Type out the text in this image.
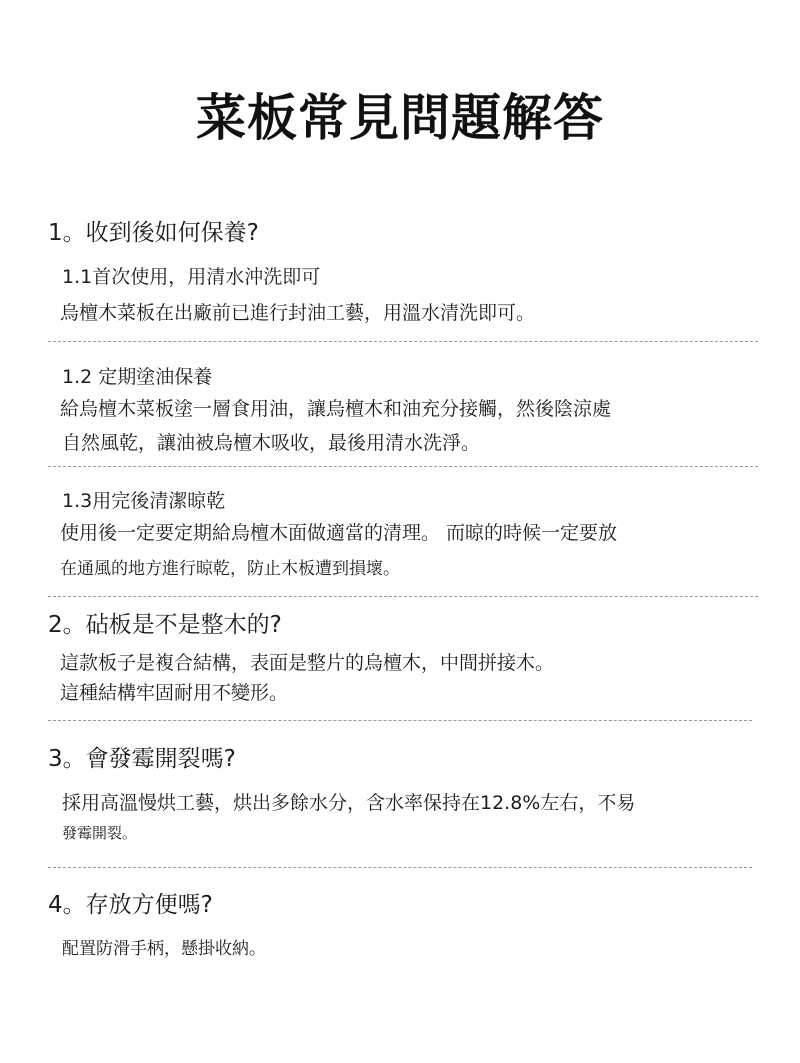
菜板常見問題解答
1。收到後如何保養?
1.1首次使用，用清水沖洗即可
烏檀木菜板在出廠前已進行封油工藝，用溫水清洗即可。
1.2 定期塗油保養
給烏檀木菜板塗一層食用油，讓烏檀木和油充分接觸，然後陰涼處
自然風乾，讓油被烏檀木吸收，最後用清水洗淨。
1.3用完後清潔晾乾
使用後一定要定期給烏檀木面做適當的清理。 而晾的時候一定要放
在通風的地方進行晾乾，防止木板遭到損壞。
2。砧板是不是整木的?
這款板子是複合結構，表面是整片的烏檀木，中間拼接木。
這種結構牢固耐用不變形。
3。會發霉開裂嗎?
採用高溫慢烘工藝，烘出多餘水分，含水率保持在12.8%左右，不易
發霉開裂。
4。存放方便嗎?
配置防滑手柄，懸掛收納。
